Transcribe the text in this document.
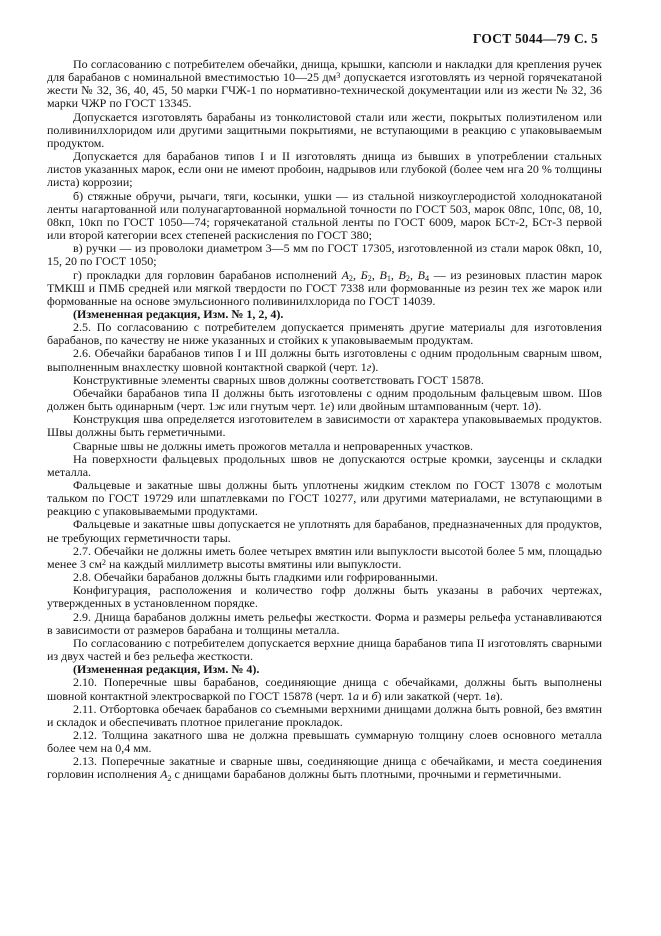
ГОСТ 5044—79 С. 5

По согласованию с потребителем обечайки, днища, крышки, капсюли и накладки для крепления ручек для барабанов с номинальной вместимостью 10—25 $дм^3$ допускается изготовлять из черной горячекатаной жести № 32, 36, 40, 45, 50 марки ГЧЖ-1 по нормативно-технической документации или из жести № 32, 36 марки ЧЖР по ГОСТ 13345.

Допускается изготовлять барабаны из тонколистовой стали или жести, покрытых полиэтиленом или поливинилхлоридом или другими защитными покрытиями, не вступающими в реакцию с упаковываемым продуктом.

Допускается для барабанов типов I и II изготовлять днища из бывших в употреблении стальных листов указанных марок, если они не имеют пробоин, надрывов или глубокой (более чем нга 20 % толщины листа) коррозии;

б) стяжные обручи, рычаги, тяги, косынки, ушки — из стальной низкоуглеродистой холоднокатаной ленты нагартованной или полунагартованной нормальной точности по ГОСТ 503, марок 08пс, 10пс, 08, 10, 08кп, 10кп по ГОСТ 1050—74; горячекатаной стальной ленты по ГОСТ 6009, марок БСт-2, БСт-3 первой или второй категории всех степеней раскисления по ГОСТ 380;

в) ручки — из проволоки диаметром 3—5 мм по ГОСТ 17305, изготовленной из стали марок 08кп, 10, 15, 20 по ГОСТ 1050;

г) прокладки для горловин барабанов исполнений $А_2$, $Б_2$, $В_1$, $В_2$, $В_4$ — из резиновых пластин марок ТМКШ и ПМБ средней или мягкой твердости по ГОСТ 7338 или формованные из резин тех же марок или формованные на основе эмульсионного поливинилхлорида по ГОСТ 14039.

(Измененная редакция, Изм. № 1, 2, 4).

2.5. По согласованию с потребителем допускается применять другие материалы для изготовления барабанов, по качеству не ниже указанных и стойких к упаковываемым продуктам.

2.6. Обечайки барабанов типов I и III должны быть изготовлены с одним продольным сварным швом, выполненным внахлестку шовной контактной сваркой (черт. 1г).

Конструктивные элементы сварных швов должны соответствовать ГОСТ 15878.

Обечайки барабанов типа II должны быть изготовлены с одним продольным фальцевым швом. Шов должен быть одинарным (черт. 1ж или гнутым черт. 1е) или двойным штампованным (черт. 1д).

Конструкция шва определяется изготовителем в зависимости от характера упаковываемых продуктов. Швы должны быть герметичными.

Сварные швы не должны иметь прожогов металла и непроваренных участков.

На поверхности фальцевых продольных швов не допускаются острые кромки, заусенцы и складки металла.

Фальцевые и закатные швы должны быть уплотнены жидким стеклом по ГОСТ 13078 с молотым тальком по ГОСТ 19729 или шпатлевками по ГОСТ 10277, или другими материалами, не вступающими в реакцию с упаковываемыми продуктами.

Фальцевые и закатные швы допускается не уплотнять для барабанов, предназначенных для продуктов, не требующих герметичности тары.

2.7. Обечайки не должны иметь более четырех вмятин или выпуклости высотой более 5 мм, площадью менее 3 $см^2$ на каждый миллиметр высоты вмятины или выпуклости.

2.8. Обечайки барабанов должны быть гладкими или гофрированными.

Конфигурация, расположения и количество гофр должны быть указаны в рабочих чертежах, утвержденных в установленном порядке.

2.9. Днища барабанов должны иметь рельефы жесткости. Форма и размеры рельефа устанавливаются в зависимости от размеров барабана и толщины металла.

По согласованию с потребителем допускается верхние днища барабанов типа II изготовлять сварными из двух частей и без рельефа жесткости.

(Измененная редакция, Изм. № 4).

2.10. Поперечные швы барабанов, соединяющие днища с обечайками, должны быть выполнены шовной контактной электросваркой по ГОСТ 15878 (черт. 1а и б) или закаткой (черт. 1в).

2.11. Отбортовка обечаек барабанов со съемными верхними днищами должна быть ровной, без вмятин и складок и обеспечивать плотное прилегание прокладок.

2.12. Толщина закатного шва не должна превышать суммарную толщину слоев основного металла более чем на 0,4 мм.

2.13. Поперечные закатные и сварные швы, соединяющие днища с обечайками, и места соединения горловин исполнения $А_2$ с днищами барабанов должны быть плотными, прочными и герметичными.
